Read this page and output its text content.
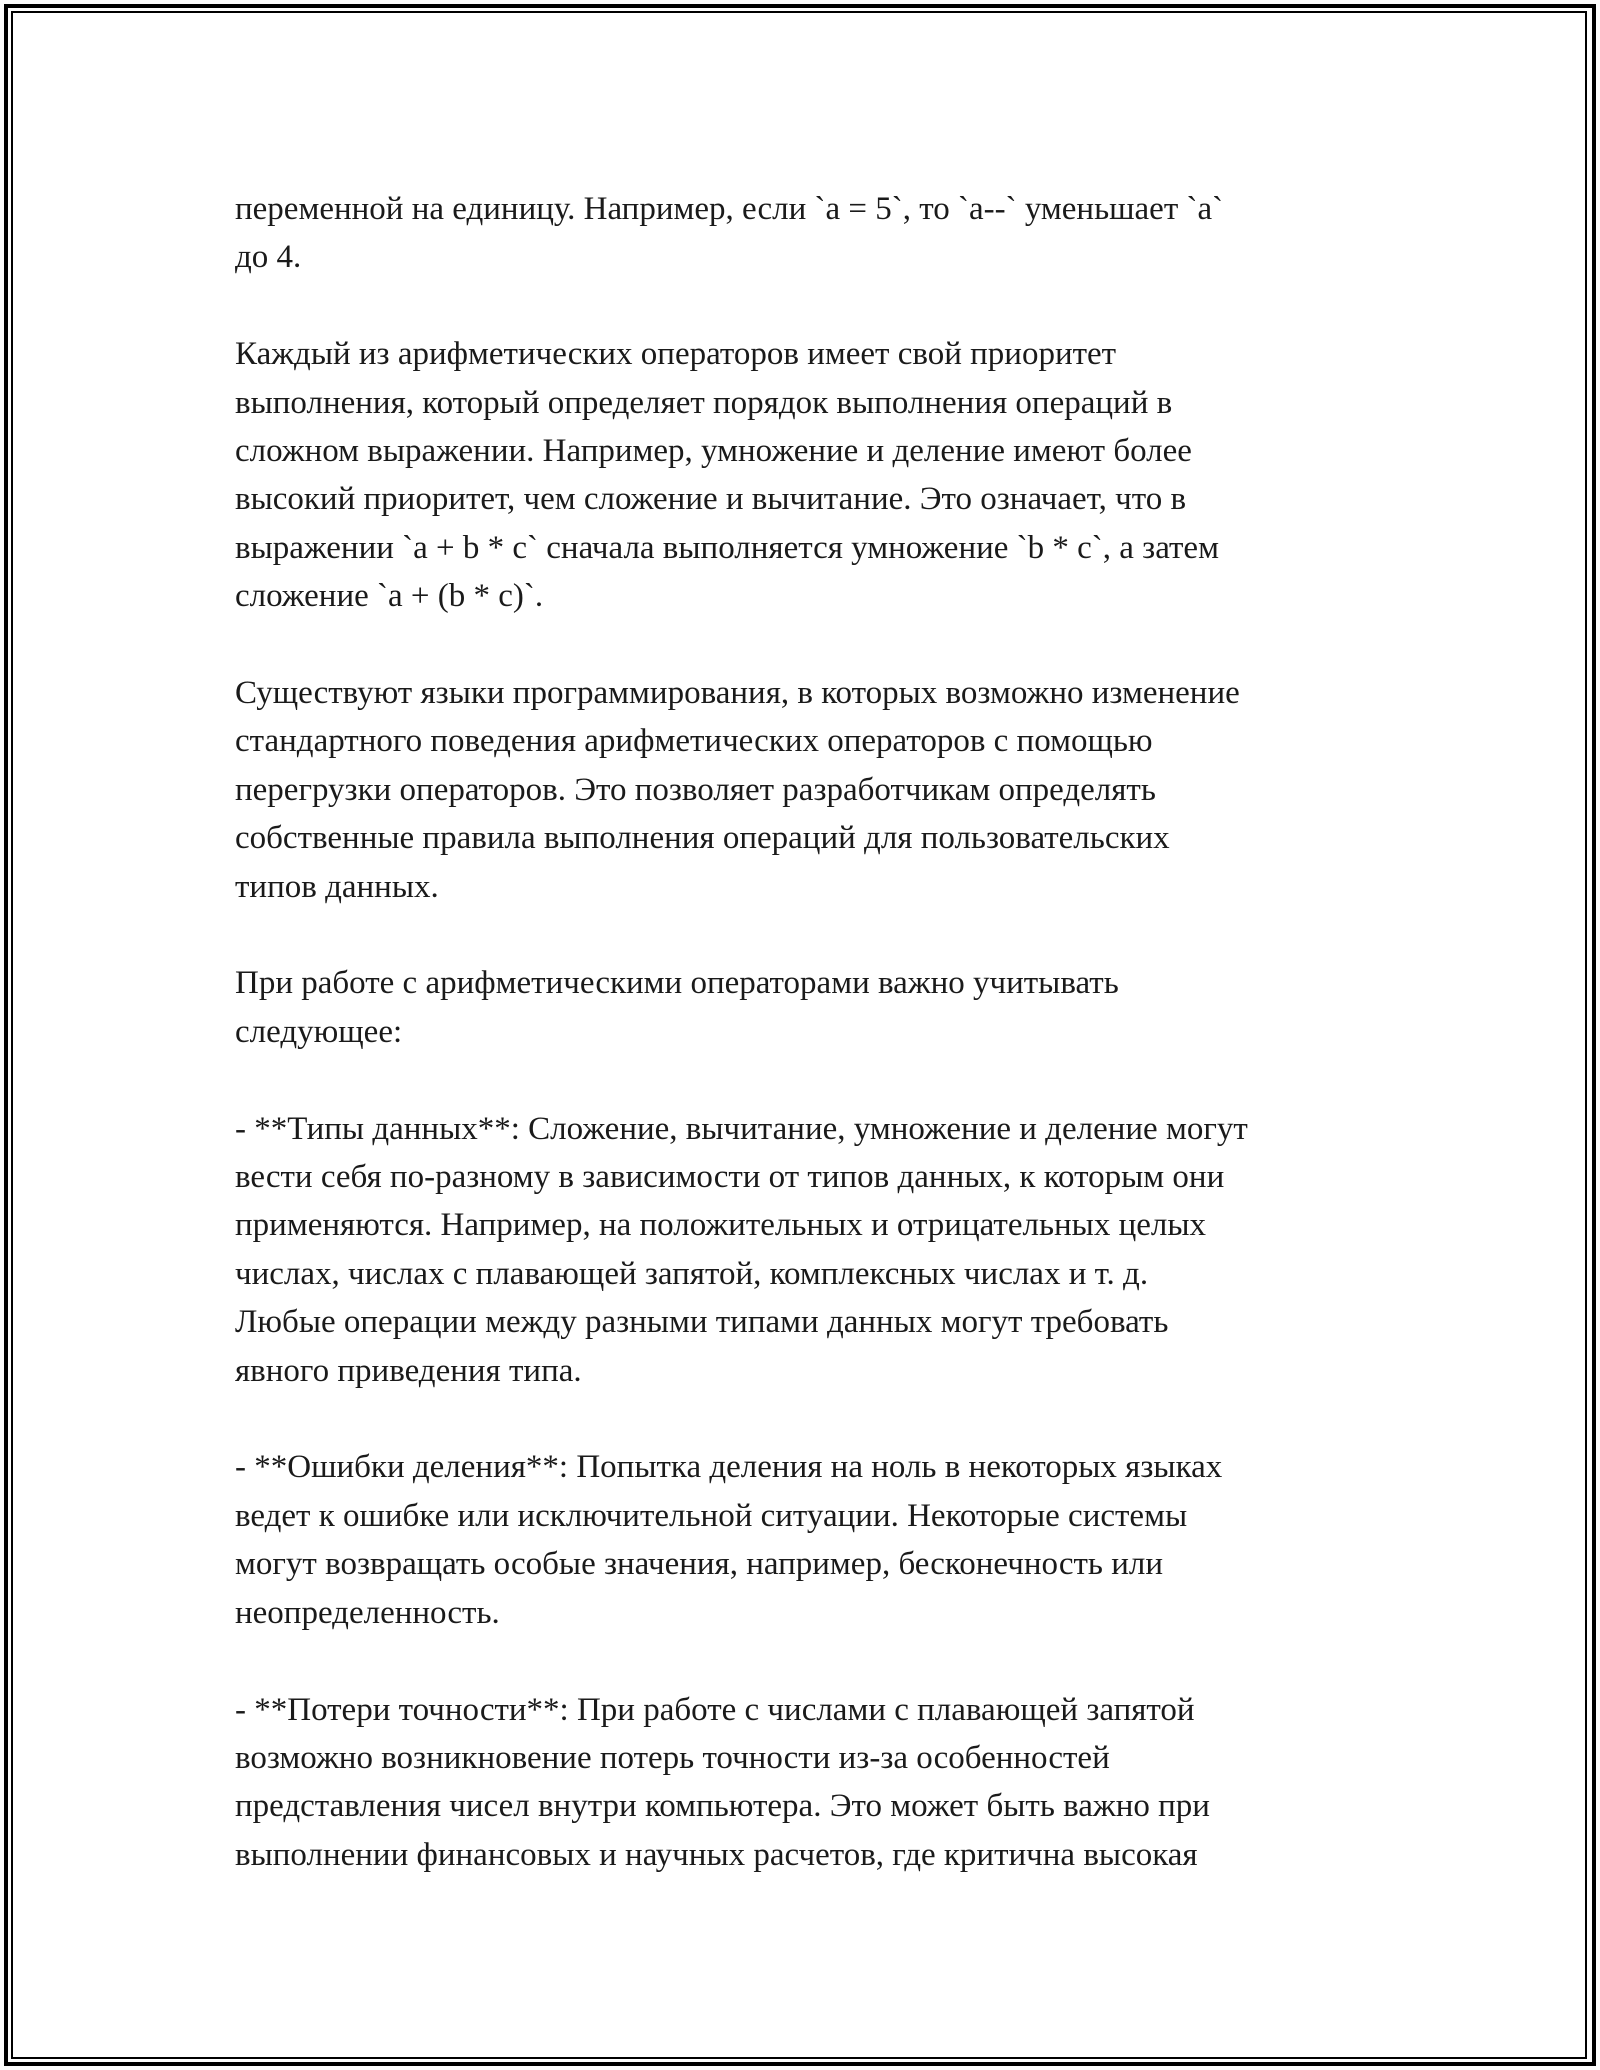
переменной на единицу. Например, если `a = 5`, то `a--` уменьшает `a`
до 4.

Каждый из арифметических операторов имеет свой приоритет
выполнения, который определяет порядок выполнения операций в
сложном выражении. Например, умножение и деление имеют более
высокий приоритет, чем сложение и вычитание. Это означает, что в
выражении `a + b * c` сначала выполняется умножение `b * c`, а затем
сложение `a + (b * c)`.

Существуют языки программирования, в которых возможно изменение
стандартного поведения арифметических операторов с помощью
перегрузки операторов. Это позволяет разработчикам определять
собственные правила выполнения операций для пользовательских
типов данных.

При работе с арифметическими операторами важно учитывать
следующее:

- **Типы данных**: Сложение, вычитание, умножение и деление могут
вести себя по-разному в зависимости от типов данных, к которым они
применяются. Например, на положительных и отрицательных целых
числах, числах с плавающей запятой, комплексных числах и т. д.
Любые операции между разными типами данных могут требовать
явного приведения типа.

- **Ошибки деления**: Попытка деления на ноль в некоторых языках
ведет к ошибке или исключительной ситуации. Некоторые системы
могут возвращать особые значения, например, бесконечность или
неопределенность.

- **Потери точности**: При работе с числами с плавающей запятой
возможно возникновение потерь точности из-за особенностей
представления чисел внутри компьютера. Это может быть важно при
выполнении финансовых и научных расчетов, где критична высокая
